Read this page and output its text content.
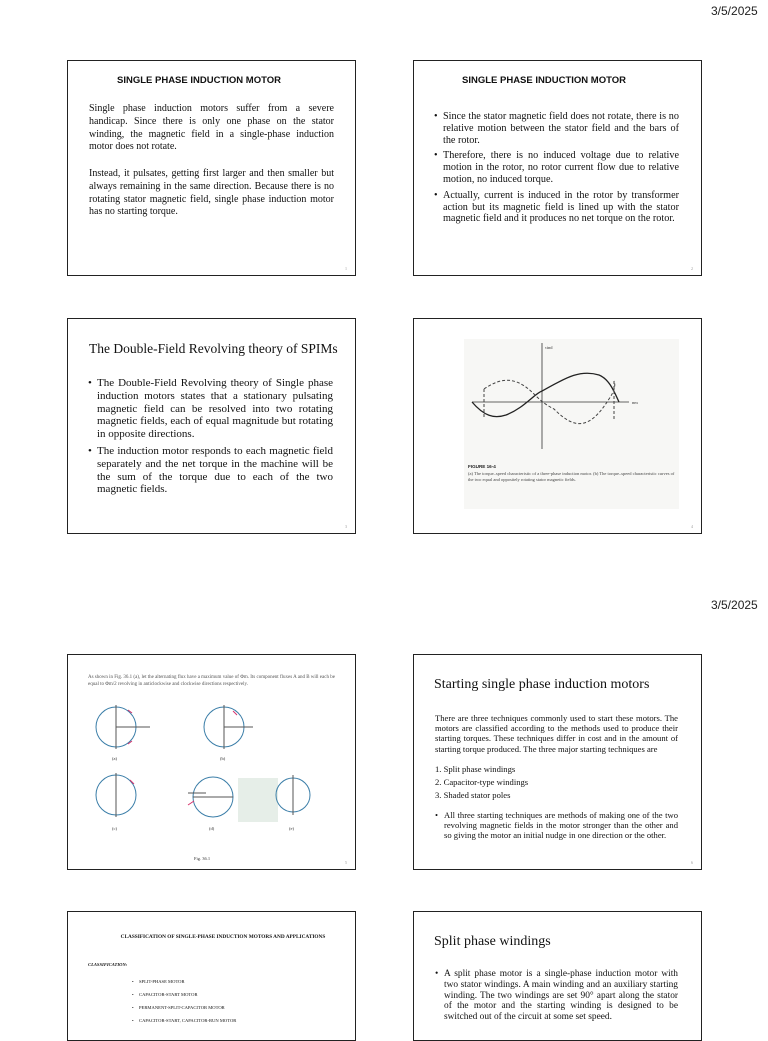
3/5/2025
3/5/2025
SINGLE PHASE INDUCTION MOTOR

Single phase induction motors suffer from a severe handicap. Since there is only one phase on the stator winding, the magnetic field in a single-phase induction motor does not rotate.

Instead, it pulsates, getting first larger and then smaller but always remaining in the same direction. Because there is no rotating stator magnetic field, single phase induction motor has no starting torque.

1
SINGLE PHASE INDUCTION MOTOR
• Since the stator magnetic field does not rotate, there is no relative motion between the stator field and the bars of the rotor.
• Therefore, there is no induced voltage due to relative motion in the rotor, no rotor current flow due to relative motion, no induced torque.
• Actually, current is induced in the rotor by transformer action but its magnetic field is lined up with the stator magnetic field and it produces no net torque on the rotor.
2
The Double-Field Revolving theory of SPIMs
• The Double-Field Revolving theory of Single phase induction motors states that a stationary pulsating magnetic field can be resolved into two rotating magnetic fields, each of equal magnitude but rotating in opposite directions.
• The induction motor responds to each magnetic field separately and the net torque in the machine will be the sum of the torque due to each of the two magnetic fields.
3
τind
nm
FIGURE 16-4
(a) The torque–speed characteristic of a three-phase induction motor. (b) The torque–speed characteristic curves of the two equal and oppositely rotating stator magnetic fields.
4
As shown in Fig. 36.1 (a), let the alternating flux have a maximum value of Φm. Its component fluxes A and B will each be equal to Φm/2 revolving in anticlockwise and clockwise directions respectively.
(a)	(b)
(c)	(d)	(e)
Fig. 36.1
5
Starting single phase induction motors

There are three techniques commonly used to start these motors. The motors are classified according to the methods used to produce their starting torques. These techniques differ in cost and in the amount of starting torque produced. The three major starting techniques are

1. Split phase windings
2. Capacitor-type windings
3. Shaded stator poles
• All three starting techniques are methods of making one of the two revolving magnetic fields in the motor stronger than the other and so giving the motor an initial nudge in one direction or the other.
6
CLASSIFICATION OF SINGLE-PHASE INDUCTION MOTORS AND APPLICATIONS
CLASSIFICATION:
• SPLIT-PHASE MOTOR
• CAPACITOR-START MOTOR
• PERMANENT-SPLIT-CAPACITOR MOTOR
• CAPACITOR-START, CAPACITOR-RUN MOTOR
Split phase windings
• A split phase motor is a single-phase induction motor with two stator windings. A main winding and an auxiliary starting winding. The two windings are set 90° apart along the stator of the motor and the starting winding is designed to be switched out of the circuit at some set speed.
